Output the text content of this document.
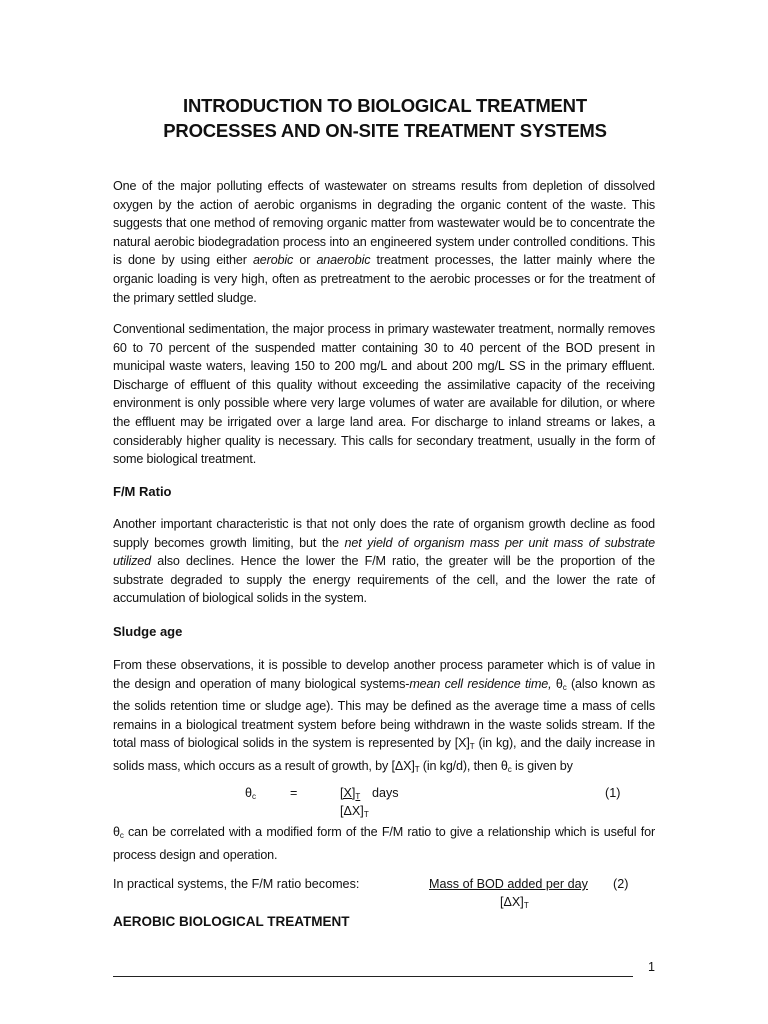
INTRODUCTION TO BIOLOGICAL TREATMENT
PROCESSES AND ON-SITE TREATMENT SYSTEMS
One of the major polluting effects of wastewater on streams results from depletion of dissolved oxygen by the action of aerobic organisms in degrading the organic content of the waste. This suggests that one method of removing organic matter from wastewater would be to concentrate the natural aerobic biodegradation process into an engineered system under controlled conditions. This is done by using either aerobic or anaerobic treatment processes, the latter mainly where the organic loading is very high, often as pretreatment to the aerobic processes or for the treatment of the primary settled sludge.
Conventional sedimentation, the major process in primary wastewater treatment, normally removes 60 to 70 percent of the suspended matter containing 30 to 40 percent of the BOD present in municipal waste waters, leaving 150 to 200 mg/L and about 200 mg/L SS in the primary effluent. Discharge of effluent of this quality without exceeding the assimilative capacity of the receiving environment is only possible where very large volumes of water are available for dilution, or where the effluent may be irrigated over a large land area. For discharge to inland streams or lakes, a considerably higher quality is necessary. This calls for secondary treatment, usually in the form of some biological treatment.
F/M Ratio
Another important characteristic is that not only does the rate of organism growth decline as food supply becomes growth limiting, but the net yield of organism mass per unit mass of substrate utilized also declines. Hence the lower the F/M ratio, the greater will be the proportion of the substrate degraded to supply the energy requirements of the cell, and the lower the rate of accumulation of biological solids in the system.
Sludge age
From these observations, it is possible to develop another process parameter which is of value in the design and operation of many biological systems-mean cell residence time, $\theta_c$ (also known as the solids retention time or sludge age). This may be defined as the average time a mass of cells remains in a biological treatment system before being withdrawn in the waste solids stream. If the total mass of biological solids in the system is represented by $[X]_T$ (in kg), and the daily increase in solids mass, which occurs as a result of growth, by $[\Delta X]_T$ (in kg/d), then $\theta_c$ is given by
$\theta_c$	=	$[X]_T$ days
$[\Delta X]_T$
(1)
$\theta_c$ can be correlated with a modified form of the F/M ratio to give a relationship which is useful for process design and operation.
In practical systems, the F/M ratio becomes:	Mass of BOD added per day (2)
$[\Delta X]_T$
AEROBIC BIOLOGICAL TREATMENT
1
